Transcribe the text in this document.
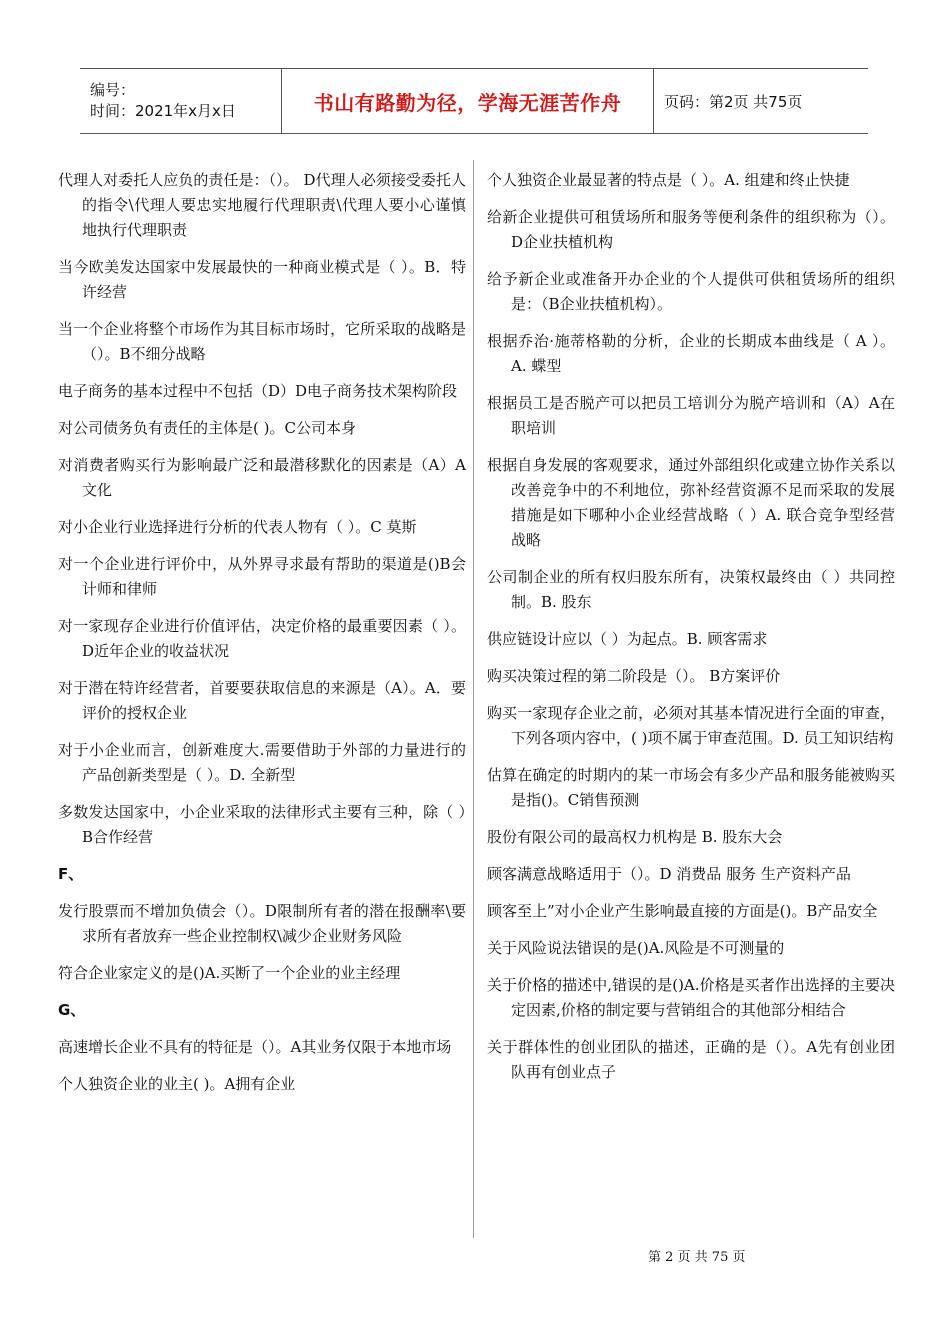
编号：
时间：2021年x月x日	书山有路勤为径，学海无涯苦作舟	页码：第2页 共75页

代理人对委托人应负的责任是：（）。 D代理人必须接受委托人的指令\代理人要忠实地履行代理职责\代理人要小心谨慎地执行代理职责

当今欧美发达国家中发展最快的一种商业模式是（ ）。B．特许经营

当一个企业将整个市场作为其目标市场时，它所采取的战略是（）。B不细分战略

电子商务的基本过程中不包括（D）D电子商务技术架构阶段

对公司债务负有责任的主体是( )。C公司本身

对消费者购买行为影响最广泛和最潜移默化的因素是（A）A文化

对小企业行业选择进行分析的代表人物有（ ）。C 莫斯

对一个企业进行评价中，从外界寻求最有帮助的渠道是()B会计师和律师

对一家现存企业进行价值评估，决定价格的最重要因素（ ）。 D近年企业的收益状况

对于潜在特许经营者，首要要获取信息的来源是（A）。A．要评价的授权企业

对于小企业而言，创新难度大.需要借助于外部的力量进行的产品创新类型是（ ）。D. 全新型

多数发达国家中，小企业采取的法律形式主要有三种，除（ ）B合作经营

F、

发行股票而不增加负债会（）。D限制所有者的潜在报酬率\要求所有者放弃一些企业控制权\减少企业财务风险

符合企业家定义的是()A.买断了一个企业的业主经理

G、

高速增长企业不具有的特征是（）。A其业务仅限于本地市场

个人独资企业的业主( )。A拥有企业

个人独资企业最显著的特点是（ ）。A. 组建和终止快捷

给新企业提供可租赁场所和服务等便利条件的组织称为（）。D企业扶植机构

给予新企业或准备开办企业的个人提供可供租赁场所的组织是：（B企业扶植机构）。

根据乔治·施蒂格勒的分析，企业的长期成本曲线是（ A ）。 A. 蝶型

根据员工是否脱产可以把员工培训分为脱产培训和（A）A在职培训

根据自身发展的客观要求，通过外部组织化或建立协作关系以改善竞争中的不利地位，弥补经营资源不足而采取的发展措施是如下哪种小企业经营战略（ ）A. 联合竞争型经营战略

公司制企业的所有权归股东所有，决策权最终由（ ）共同控制。B. 股东

供应链设计应以（ ）为起点。B. 顾客需求

购买决策过程的第二阶段是（）。 B方案评价

购买一家现存企业之前，必须对其基本情况进行全面的审查，下列各项内容中，( )项不属于审查范围。D. 员工知识结构

估算在确定的时期内的某一市场会有多少产品和服务能被购买是指()。C销售预测

股份有限公司的最高权力机构是 B. 股东大会

顾客满意战略适用于（）。D 消费品 服务 生产资料产品

顾客至上”对小企业产生影响最直接的方面是()。B产品安全

关于风险说法错误的是()A.风险是不可测量的

关于价格的描述中,错误的是()A.价格是买者作出选择的主要决定因素,价格的制定要与营销组合的其他部分相结合

关于群体性的创业团队的描述，正确的是（）。A先有创业团队再有创业点子

第 2 页 共 75 页
